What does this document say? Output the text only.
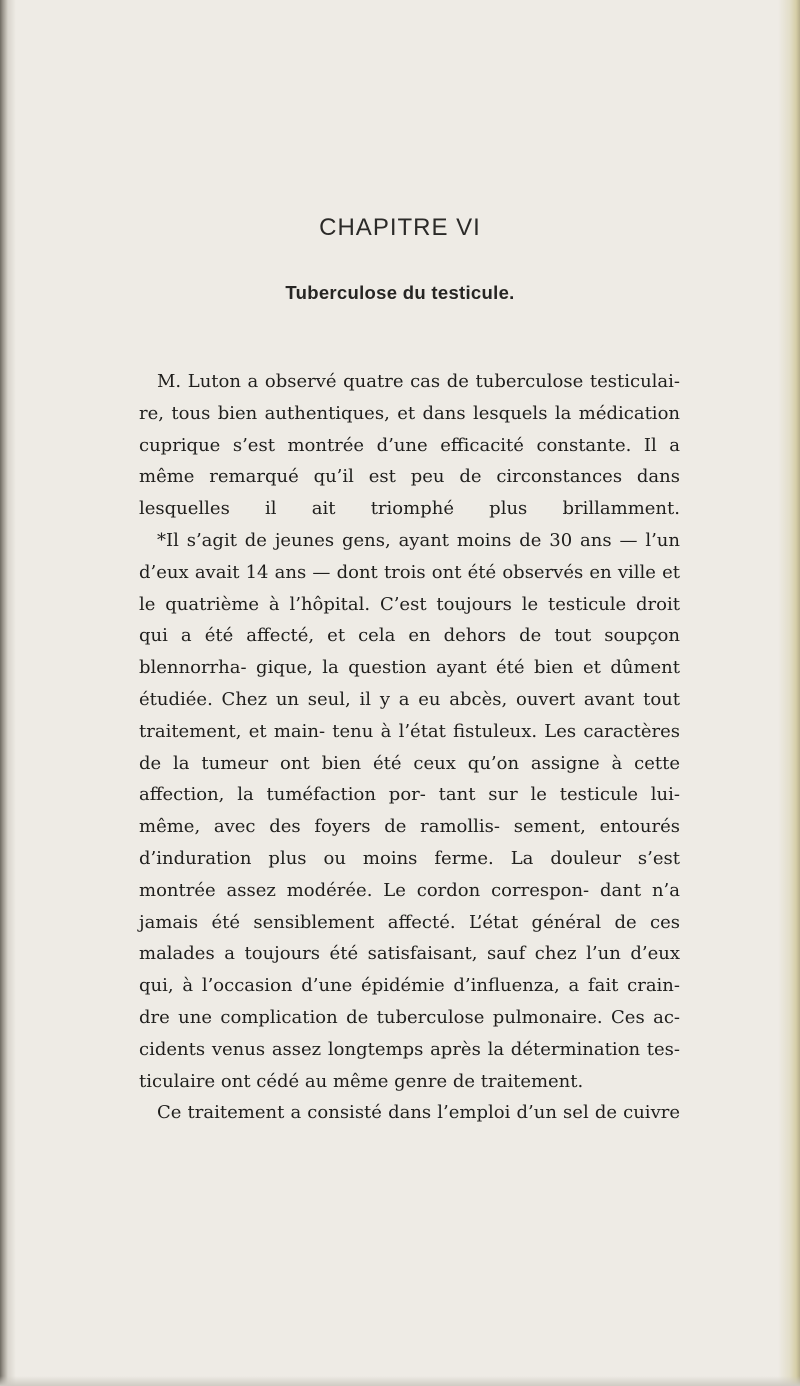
CHAPITRE VI
Tuberculose du testicule.

M. Luton a observé quatre cas de tuberculose testiculai- re, tous bien authentiques, et dans lesquels la médication cuprique s’est montrée d’une efficacité constante. Il a même remarqué qu’il est peu de circonstances dans lesquelles il ait triomphé plus brillamment.

*Il s’agit de jeunes gens, ayant moins de 30 ans — l’un d’eux avait 14 ans — dont trois ont été observés en ville et le quatrième à l’hôpital. C’est toujours le testicule droit qui a été affecté, et cela en dehors de tout soupçon blennorrha- gique, la question ayant été bien et dûment étudiée. Chez un seul, il y a eu abcès, ouvert avant tout traitement, et main- tenu à l’état fistuleux. Les caractères de la tumeur ont bien été ceux qu’on assigne à cette affection, la tuméfaction por- tant sur le testicule lui-même, avec des foyers de ramollis- sement, entourés d’induration plus ou moins ferme. La douleur s’est montrée assez modérée. Le cordon correspon- dant n’a jamais été sensiblement affecté. L’état général de ces malades a toujours été satisfaisant, sauf chez l’un d’eux qui, à l’occasion d’une épidémie d’influenza, a fait crain- dre une complication de tuberculose pulmonaire. Ces ac- cidents venus assez longtemps après la détermination tes- ticulaire ont cédé au même genre de traitement.

Ce traitement a consisté dans l’emploi d’un sel de cuivre
